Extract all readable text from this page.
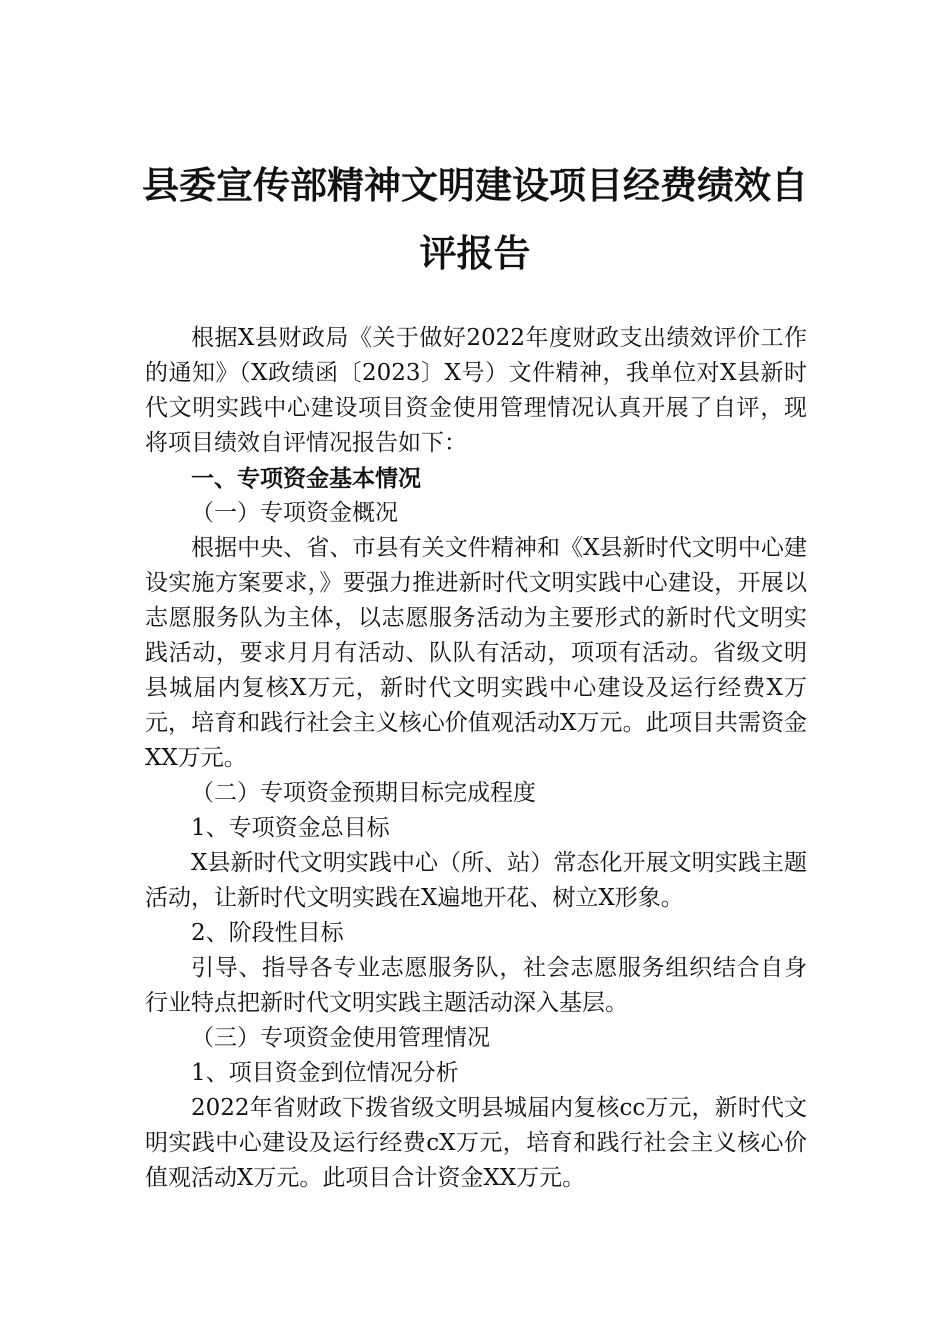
县委宣传部精神文明建设项目经费绩效自
评报告

根据X县财政局《关于做好2022年度财政支出绩效评价工作的通知》（X政绩函〔2023〕X号）文件精神，我单位对X县新时代文明实践中心建设项目资金使用管理情况认真开展了自评，现将项目绩效自评情况报告如下：

一、专项资金基本情况

（一）专项资金概况

根据中央、省、市县有关文件精神和《X县新时代文明中心建设实施方案要求，》要强力推进新时代文明实践中心建设，开展以志愿服务队为主体，以志愿服务活动为主要形式的新时代文明实践活动，要求月月有活动、队队有活动，项项有活动。省级文明县城届内复核X万元，新时代文明实践中心建设及运行经费X万元，培育和践行社会主义核心价值观活动X万元。此项目共需资金XX万元。

（二）专项资金预期目标完成程度

1、专项资金总目标

X县新时代文明实践中心（所、站）常态化开展文明实践主题活动，让新时代文明实践在X遍地开花、树立X形象。

2、阶段性目标

引导、指导各专业志愿服务队，社会志愿服务组织结合自身行业特点把新时代文明实践主题活动深入基层。

（三）专项资金使用管理情况

1、项目资金到位情况分析

2022年省财政下拨省级文明县城届内复核cc万元，新时代文明实践中心建设及运行经费cX万元，培育和践行社会主义核心价值观活动X万元。此项目合计资金XX万元。
